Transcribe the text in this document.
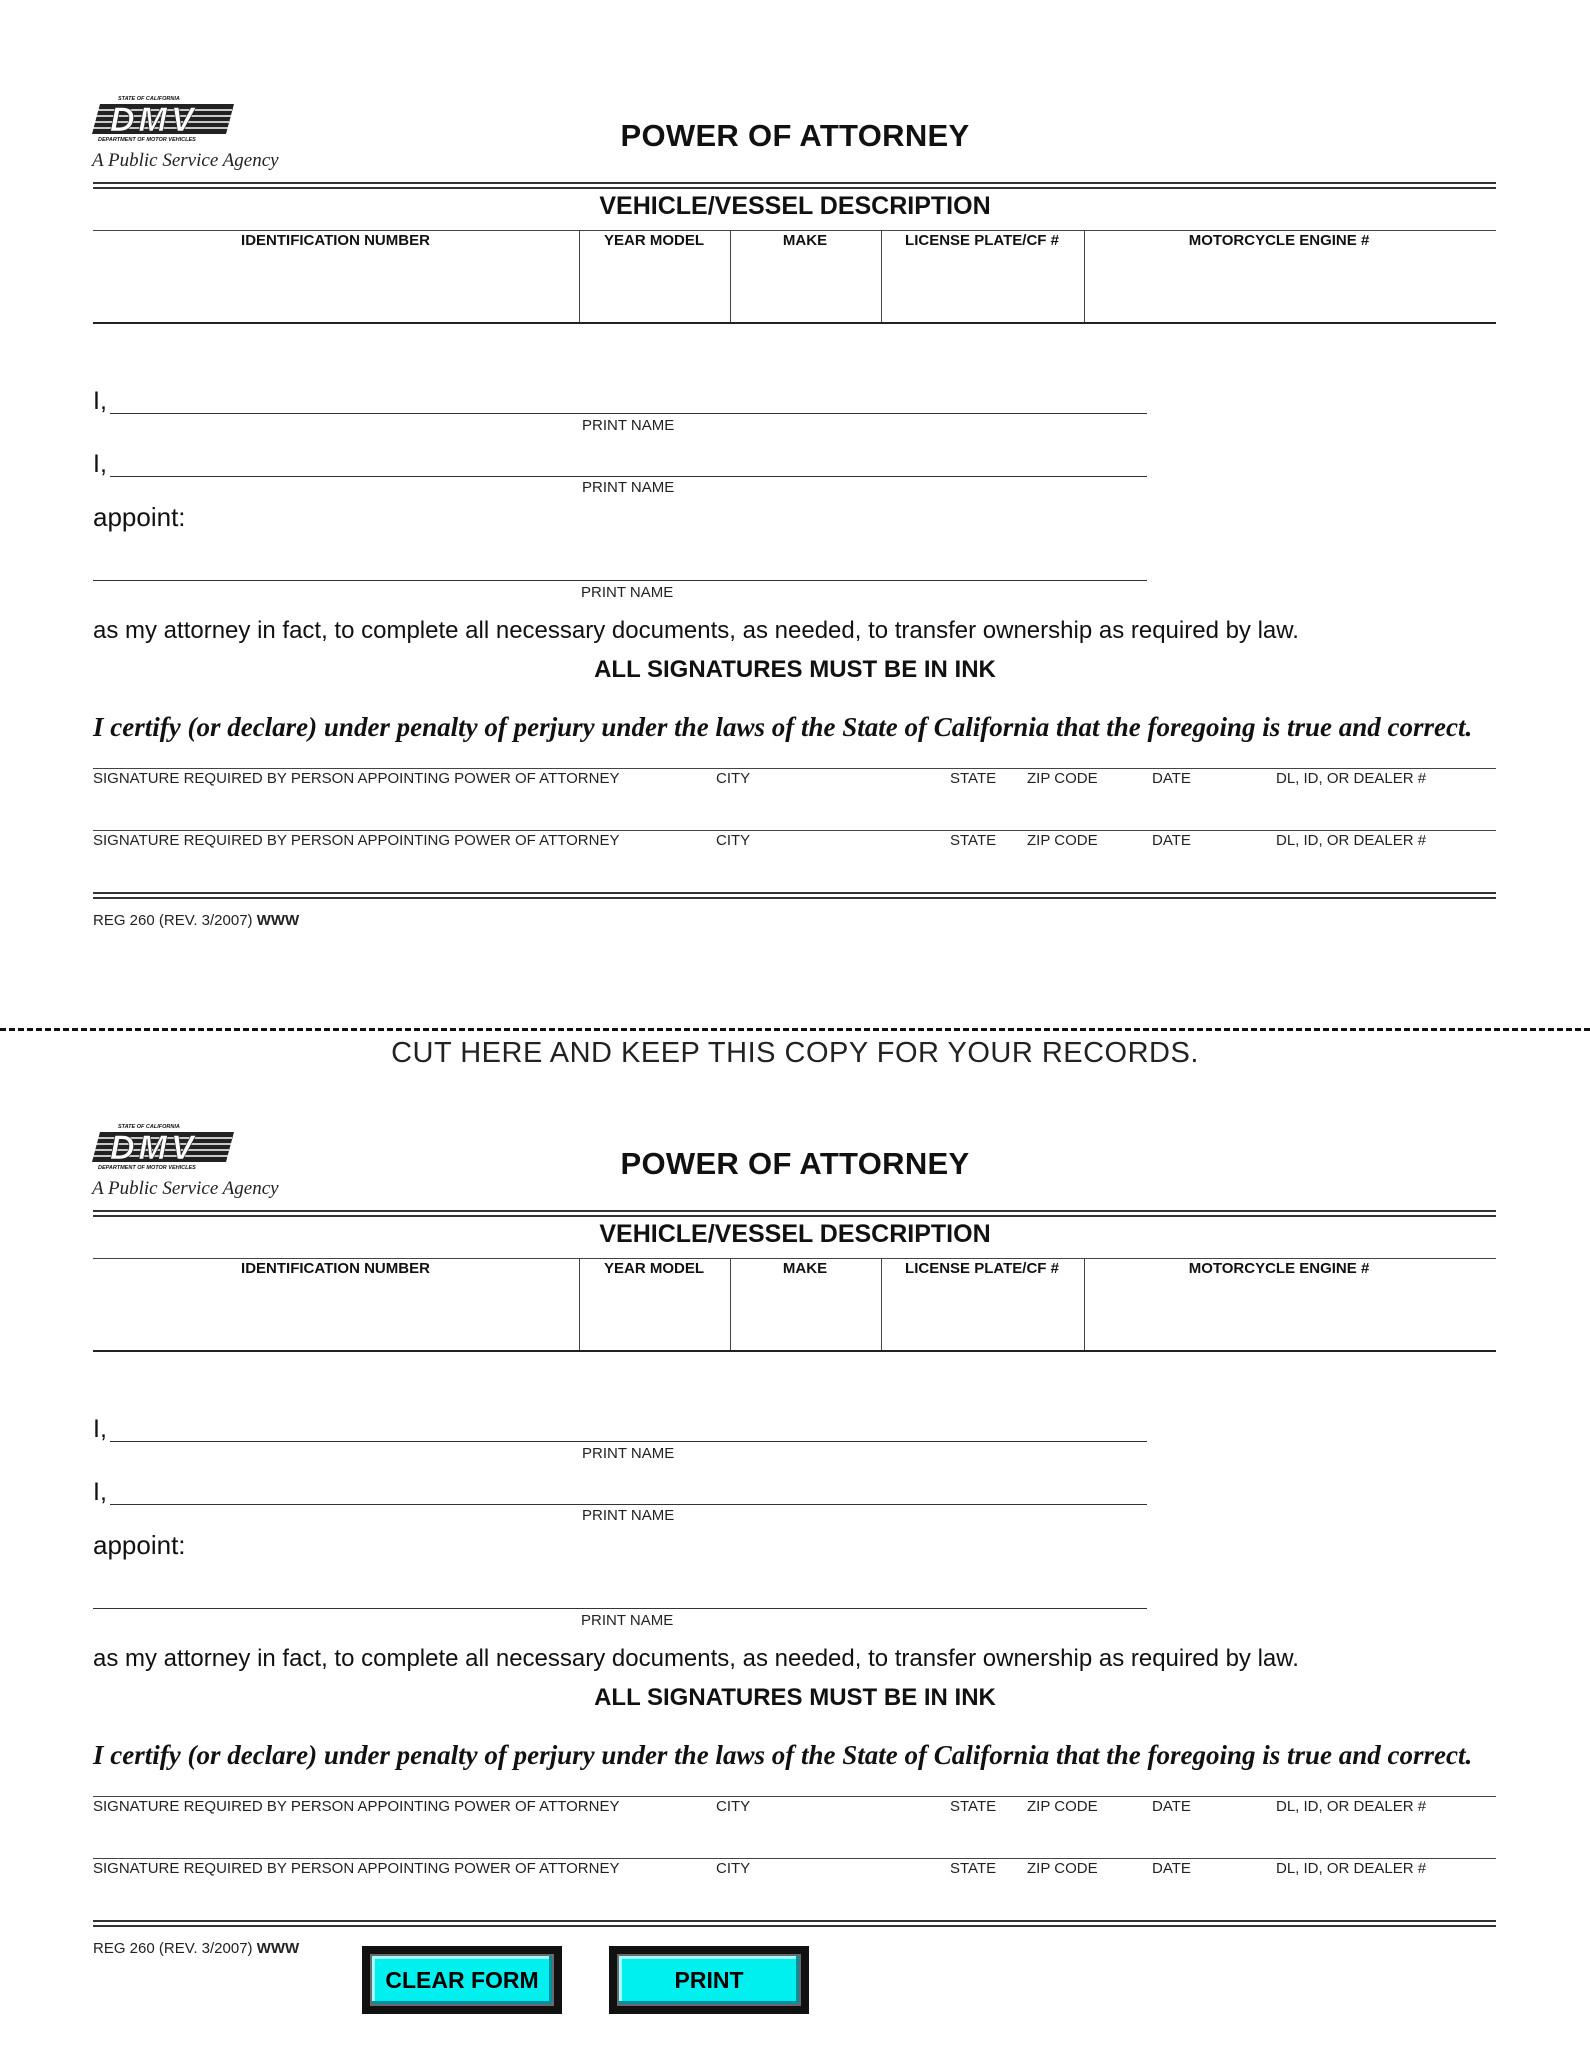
STATE OF CALIFORNIA
DMV
DEPARTMENT OF MOTOR VEHICLES
A Public Service Agency
POWER OF ATTORNEY
VEHICLE/VESSEL DESCRIPTION
IDENTIFICATION NUMBER	YEAR MODEL	MAKE	LICENSE PLATE/CF #	MOTORCYCLE ENGINE #
I,
PRINT NAME
I,
PRINT NAME
appoint:
PRINT NAME
as my attorney in fact, to complete all necessary documents, as needed, to transfer ownership as required by law.
ALL SIGNATURES MUST BE IN INK
I certify (or declare) under penalty of perjury under the laws of the State of California that the foregoing is true and correct.
SIGNATURE REQUIRED BY PERSON APPOINTING POWER OF ATTORNEY	CITY	STATE ZIP CODE	DATE	DL, ID, OR DEALER #
SIGNATURE REQUIRED BY PERSON APPOINTING POWER OF ATTORNEY	CITY	STATE ZIP CODE	DATE	DL, ID, OR DEALER #
REG 260 (REV. 3/2007) WWW
CUT HERE AND KEEP THIS COPY FOR YOUR RECORDS.
STATE OF CALIFORNIA
DMV
DEPARTMENT OF MOTOR VEHICLES
A Public Service Agency
POWER OF ATTORNEY
VEHICLE/VESSEL DESCRIPTION
IDENTIFICATION NUMBER	YEAR MODEL	MAKE	LICENSE PLATE/CF #	MOTORCYCLE ENGINE #
I,
PRINT NAME
I,
PRINT NAME
appoint:
PRINT NAME
as my attorney in fact, to complete all necessary documents, as needed, to transfer ownership as required by law.
ALL SIGNATURES MUST BE IN INK
I certify (or declare) under penalty of perjury under the laws of the State of California that the foregoing is true and correct.
SIGNATURE REQUIRED BY PERSON APPOINTING POWER OF ATTORNEY	CITY	STATE ZIP CODE	DATE	DL, ID, OR DEALER #
SIGNATURE REQUIRED BY PERSON APPOINTING POWER OF ATTORNEY	CITY	STATE ZIP CODE	DATE	DL, ID, OR DEALER #
REG 260 (REV. 3/2007) WWW
CLEAR FORM	PRINT
